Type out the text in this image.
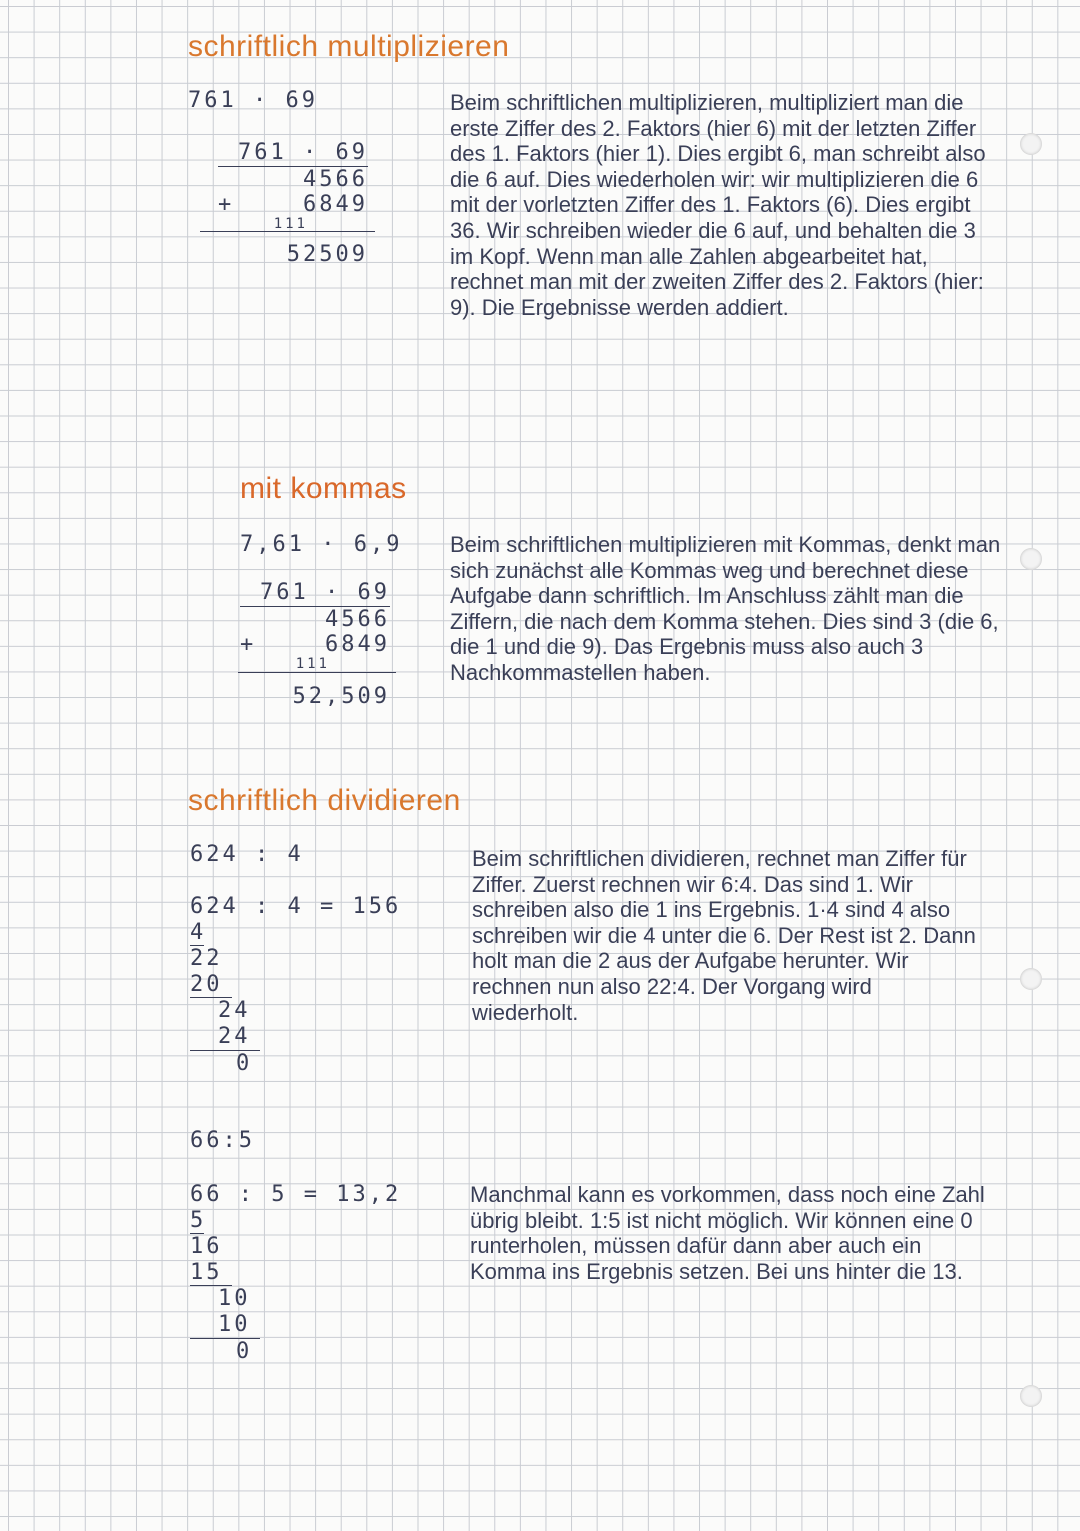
schriftlich multiplizieren
761 · 69
761 · 69
4566
+	6849
111
52509

Beim schriftlichen multiplizieren, multipliziert man die erste Ziffer des 2. Faktors (hier 6) mit der letzten Ziffer des 1. Faktors (hier 1). Dies ergibt 6, man schreibt also die 6 auf. Dies wiederholen wir: wir multiplizieren die 6 mit der vorletzten Ziffer des 1. Faktors (6). Dies ergibt 36. Wir schreiben wieder die 6 auf, und behalten die 3 im Kopf. Wenn man alle Zahlen abgearbeitet hat, rechnet man mit der zweiten Ziffer des 2. Faktors (hier: 9). Die Ergebnisse werden addiert.

mit kommas
7,61 · 6,9
761 · 69
4566
+	6849
111
52,509

Beim schriftlichen multiplizieren mit Kommas, denkt man sich zunächst alle Kommas weg und berechnet diese Aufgabe dann schriftlich. Im Anschluss zählt man die Ziffern, die nach dem Komma stehen. Dies sind 3 (die 6, die 1 und die 9). Das Ergebnis muss also auch 3 Nachkommastellen haben.

schriftlich dividieren
624 : 4
624 : 4 = 156
4
22
20
24
24
0

Beim schriftlichen dividieren, rechnet man Ziffer für Ziffer. Zuerst rechnen wir 6:4. Das sind 1. Wir schreiben also die 1 ins Ergebnis. 1·4 sind 4 also schreiben wir die 4 unter die 6. Der Rest ist 2. Dann holt man die 2 aus der Aufgabe herunter. Wir rechnen nun also 22:4. Der Vorgang wird wiederholt.

66:5
66 : 5 = 13,2
5
16
15
10
10
0

Manchmal kann es vorkommen, dass noch eine Zahl übrig bleibt. 1:5 ist nicht möglich. Wir können eine 0 runterholen, müssen dafür dann aber auch ein Komma ins Ergebnis setzen. Bei uns hinter die 13.
